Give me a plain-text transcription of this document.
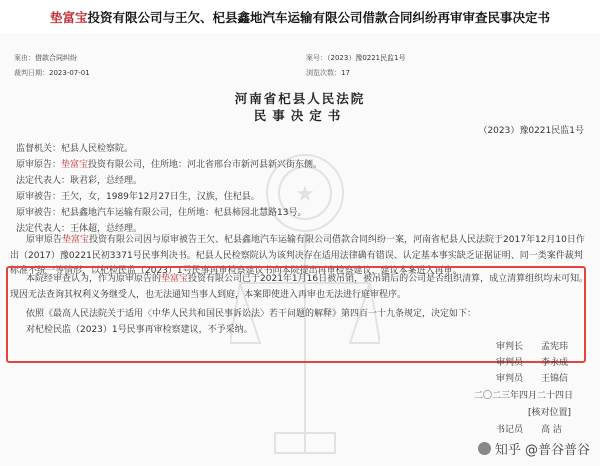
垫富宝投资有限公司与王欠、杞县鑫地汽车运输有限公司借款合同纠纷再审审查民事决定书
案由：借款合同纠纷	案号：（2023）豫0221民监1号
裁判日期：2023-07-01	浏览次数：17
★
河南省杞县人民法院
民事决定书
（2023）豫0221民监1号
监督机关：杞县人民检察院。
原审原告：垫富宝投资有限公司，住所地：河北省邢台市新河县新兴街东侧。
法定代表人：耿君彩，总经理。
原审被告：王欠，女，1989年12月27日生，汉族，住杞县。
原审被告：杞县鑫地汽车运输有限公司，住所地：杞县柿园北慧路13号。
法定代表人：王体超，总经理。
原审原告垫富宝投资有限公司因与原审被告王欠、杞县鑫地汽车运输有限公司借款合同纠纷一案，河南省杞县人民法院于2017年12月10日作出（2017）豫0221民初3371号民事判决书。杞县人民检察院认为该判决存在适用法律确有错误、认定基本事实缺乏证据证明、同一类案件裁判标准不统一等情形，以杞检民监（2023）1号民事再审检察建议书向本院提出再审检察建议，建议本案进入再审。
本院经审查认为，作为原审原告的垫富宝投资有限公司已于2021年1月16日被吊销，被吊销后的公司是否组织清算，成立清算组织均未可知。现因无法查询其权利义务继受人，也无法通知当事人到庭，本案即使进入再审也无法进行庭审程序。
依照《最高人民法院关于适用〈中华人民共和国民事诉讼法〉若干问题的解释》第四百一十九条规定，决定如下：
对杞检民监（2023）1号民事再审检察建议，不予采纳。
审判长　　 孟宪玮
审判员　　 李永成
审判员　　 王锦信
二〇二三年四月二十四日
[核对位置]
书记员　　 高 洁
知乎 @普谷普谷
